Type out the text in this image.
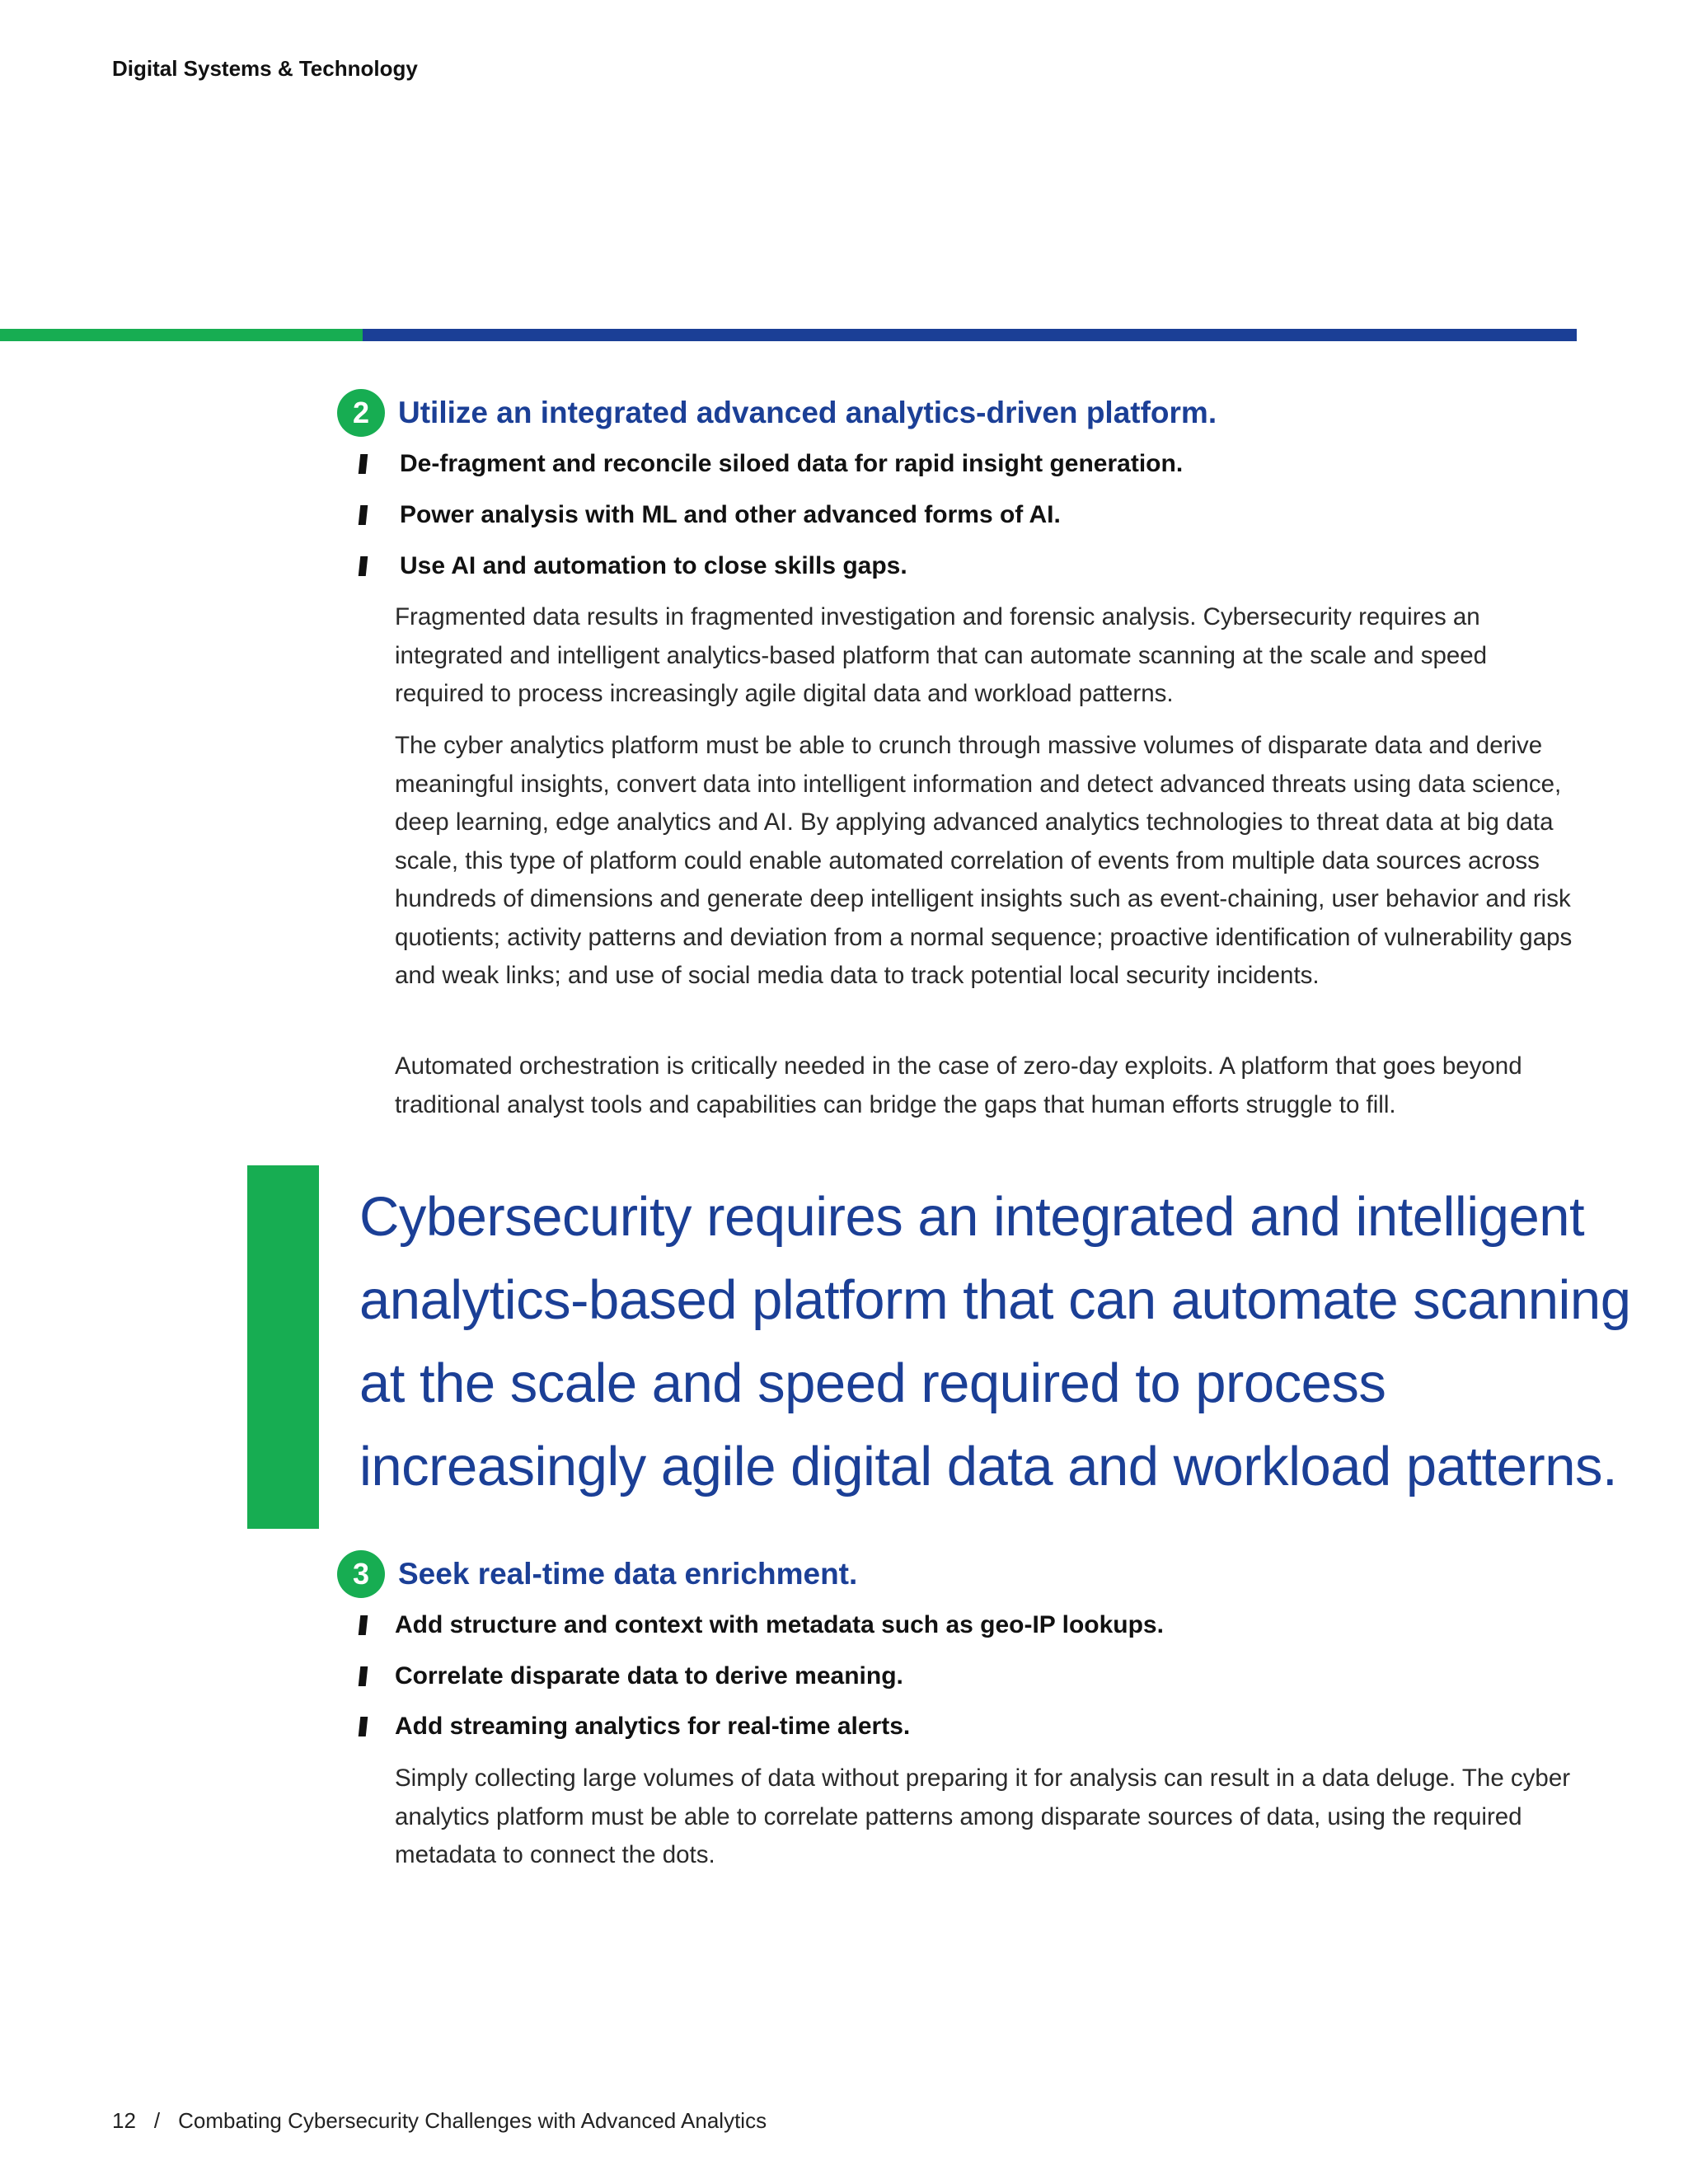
Digital Systems & Technology
2 Utilize an integrated advanced analytics-driven platform.
De-fragment and reconcile siloed data for rapid insight generation.
Power analysis with ML and other advanced forms of AI.
Use AI and automation to close skills gaps.

Fragmented data results in fragmented investigation and forensic analysis. Cybersecurity requires an integrated and intelligent analytics-based platform that can automate scanning at the scale and speed required to process increasingly agile digital data and workload patterns.

The cyber analytics platform must be able to crunch through massive volumes of disparate data and derive meaningful insights, convert data into intelligent information and detect advanced threats using data science, deep learning, edge analytics and AI. By applying advanced analytics technologies to threat data at big data scale, this type of platform could enable automated correlation of events from multiple data sources across hundreds of dimensions and generate deep intelligent insights such as event-chaining, user behavior and risk quotients; activity patterns and deviation from a normal sequence; proactive identification of vulnerability gaps and weak links; and use of social media data to track potential local security incidents.

Automated orchestration is critically needed in the case of zero-day exploits. A platform that goes beyond traditional analyst tools and capabilities can bridge the gaps that human efforts struggle to fill.

Cybersecurity requires an integrated and intelligent analytics-based platform that can automate scanning at the scale and speed required to process increasingly agile digital data and workload patterns.

3 Seek real-time data enrichment.
Add structure and context with metadata such as geo-IP lookups.
Correlate disparate data to derive meaning.
Add streaming analytics for real-time alerts.

Simply collecting large volumes of data without preparing it for analysis can result in a data deluge. The cyber analytics platform must be able to correlate patterns among disparate sources of data, using the required metadata to connect the dots.

12 / Combating Cybersecurity Challenges with Advanced Analytics
